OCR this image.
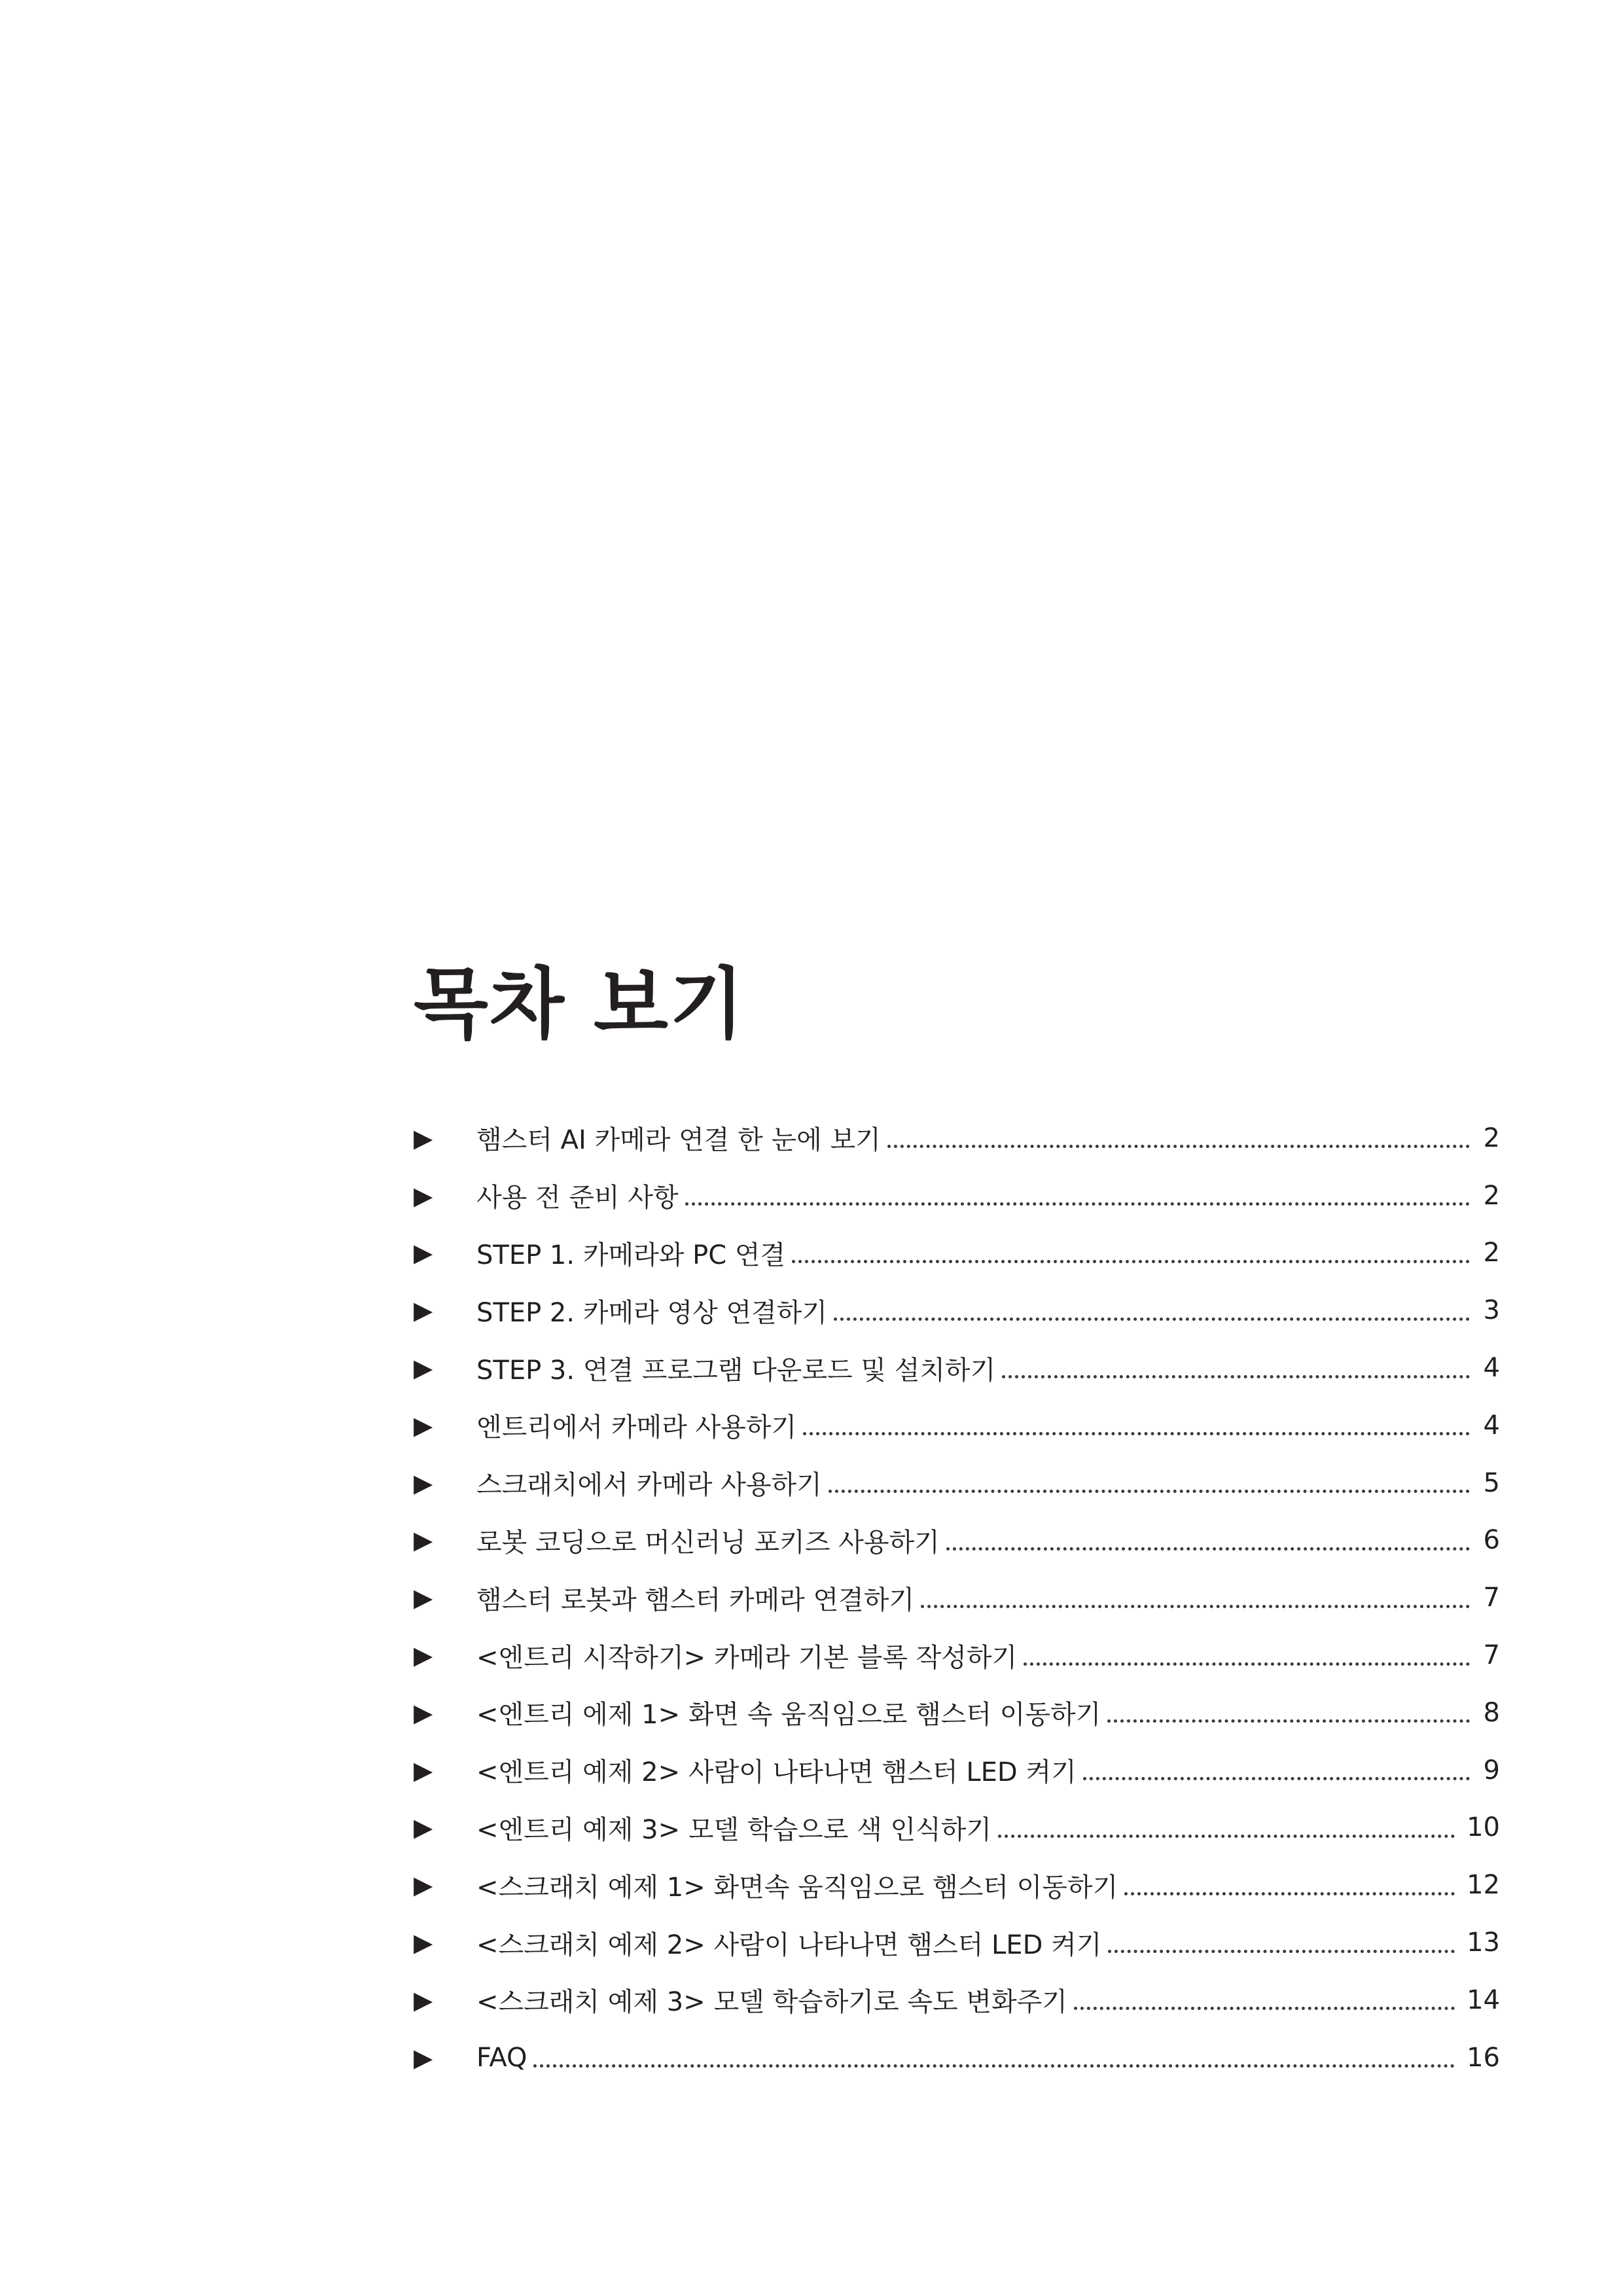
목차 보기
▶	햄스터 AI 카메라 연결 한 눈에 보기	2
▶	사용 전 준비 사항	2
▶	STEP 1. 카메라와 PC 연결	2
▶	STEP 2. 카메라 영상 연결하기	3
▶	STEP 3. 연결 프로그램 다운로드 및 설치하기	4
▶	엔트리에서 카메라 사용하기	4
▶	스크래치에서 카메라 사용하기	5
▶	로봇 코딩으로 머신러닝 포키즈 사용하기	6
▶	햄스터 로봇과 햄스터 카메라 연결하기	7
▶	<엔트리 시작하기> 카메라 기본 블록 작성하기	7
▶	<엔트리 에제 1> 화면 속 움직임으로 햄스터 이동하기	8
▶	<엔트리 예제 2> 사람이 나타나면 햄스터 LED 켜기	9
▶	<엔트리 예제 3> 모델 학습으로 색 인식하기	10
▶	<스크래치 예제 1> 화면속 움직임으로 햄스터 이동하기	12
▶	<스크래치 예제 2> 사람이 나타나면 햄스터 LED 켜기	13
▶	<스크래치 예제 3> 모델 학습하기로 속도 변화주기	14
▶	FAQ	16
